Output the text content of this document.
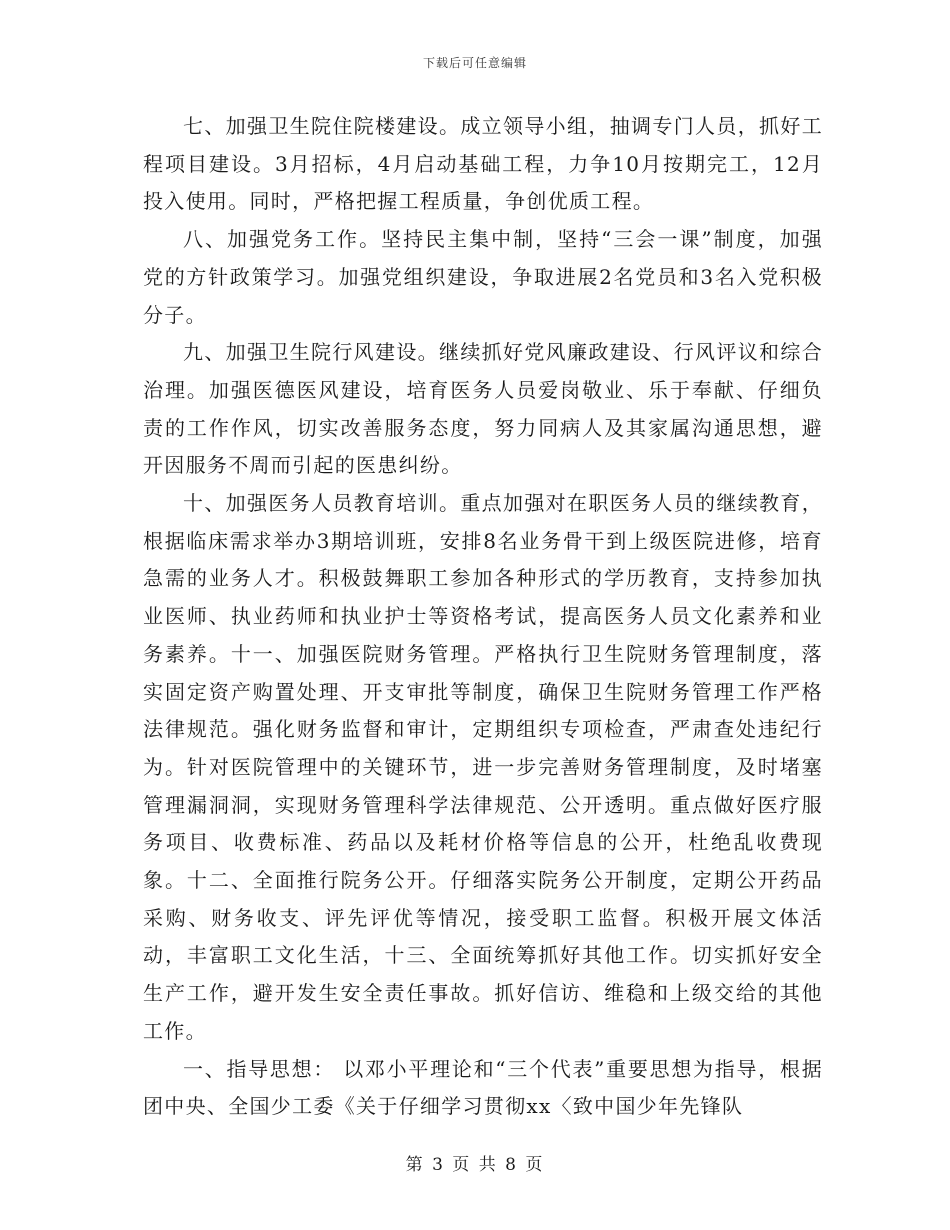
下载后可任意编辑

七、加强卫生院住院楼建设。成立领导小组，抽调专门人员，抓好工程项目建设。3月招标，4月启动基础工程，力争10月按期完工，12月投入使用。同时，严格把握工程质量，争创优质工程。

八、加强党务工作。坚持民主集中制，坚持“三会一课”制度，加强党的方针政策学习。加强党组织建设，争取进展2名党员和3名入党积极分子。

九、加强卫生院行风建设。继续抓好党风廉政建设、行风评议和综合治理。加强医德医风建设，培育医务人员爱岗敬业、乐于奉献、仔细负责的工作作风，切实改善服务态度，努力同病人及其家属沟通思想，避开因服务不周而引起的医患纠纷。

十、加强医务人员教育培训。重点加强对在职医务人员的继续教育，根据临床需求举办3期培训班，安排8名业务骨干到上级医院进修，培育急需的业务人才。积极鼓舞职工参加各种形式的学历教育，支持参加执业医师、执业药师和执业护士等资格考试，提高医务人员文化素养和业务素养。十一、加强医院财务管理。严格执行卫生院财务管理制度，落实固定资产购置处理、开支审批等制度，确保卫生院财务管理工作严格法律规范。强化财务监督和审计，定期组织专项检查，严肃查处违纪行为。针对医院管理中的关键环节，进一步完善财务管理制度，及时堵塞管理漏洞洞，实现财务管理科学法律规范、公开透明。重点做好医疗服务项目、收费标准、药品以及耗材价格等信息的公开，杜绝乱收费现象。十二、全面推行院务公开。仔细落实院务公开制度，定期公开药品采购、财务收支、评先评优等情况，接受职工监督。积极开展文体活动，丰富职工文化生活，十三、全面统筹抓好其他工作。切实抓好安全生产工作，避开发生安全责任事故。抓好信访、维稳和上级交给的其他工作。

一、指导思想： 以邓小平理论和“三个代表”重要思想为指导，根据团中央、全国少工委《关于仔细学习贯彻xx〈致中国少年先锋队

第 3 页 共 8 页
